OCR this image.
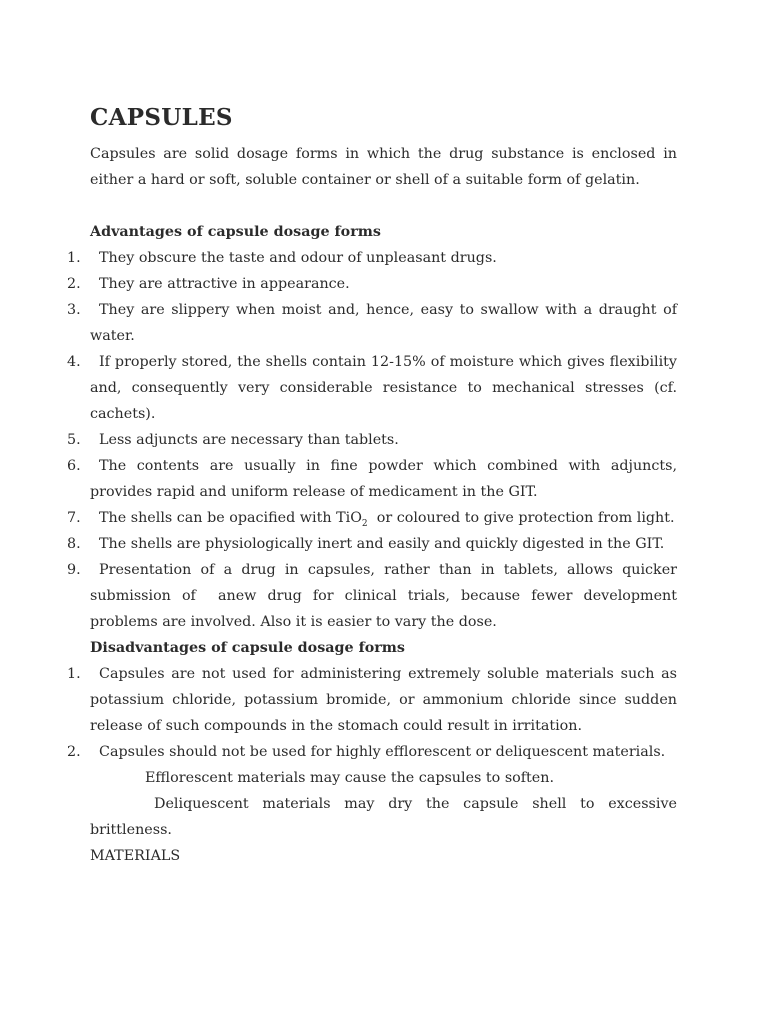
CAPSULES

Capsules are solid dosage forms in which the drug substance is enclosed in either a hard or soft, soluble container or shell of a suitable form of gelatin.

Advantages of capsule dosage forms

1. They obscure the taste and odour of unpleasant drugs.
2. They are attractive in appearance.
3. They are slippery when moist and, hence, easy to swallow with a draught of water.
4. If properly stored, the shells contain 12-15% of moisture which gives flexibility and, consequently very considerable resistance to mechanical stresses (cf. cachets).
5. Less adjuncts are necessary than tablets.
6. The contents are usually in fine powder which combined with adjuncts, provides rapid and uniform release of medicament in the GIT.
7. The shells can be opacified with TiO$_2$  or coloured to give protection from light.
8. The shells are physiologically inert and easily and quickly digested in the GIT.
9. Presentation of a drug in capsules, rather than in tablets, allows quicker submission of  anew drug for clinical trials, because fewer development problems are involved. Also it is easier to vary the dose.

Disadvantages of capsule dosage forms

1. Capsules are not used for administering extremely soluble materials such as potassium chloride, potassium bromide, or ammonium chloride since sudden release of such compounds in the stomach could result in irritation.
2. Capsules should not be used for highly efflorescent or deliquescent materials.

Efflorescent materials may cause the capsules to soften.

Deliquescent materials may dry the capsule shell to excessive brittleness.

MATERIALS
